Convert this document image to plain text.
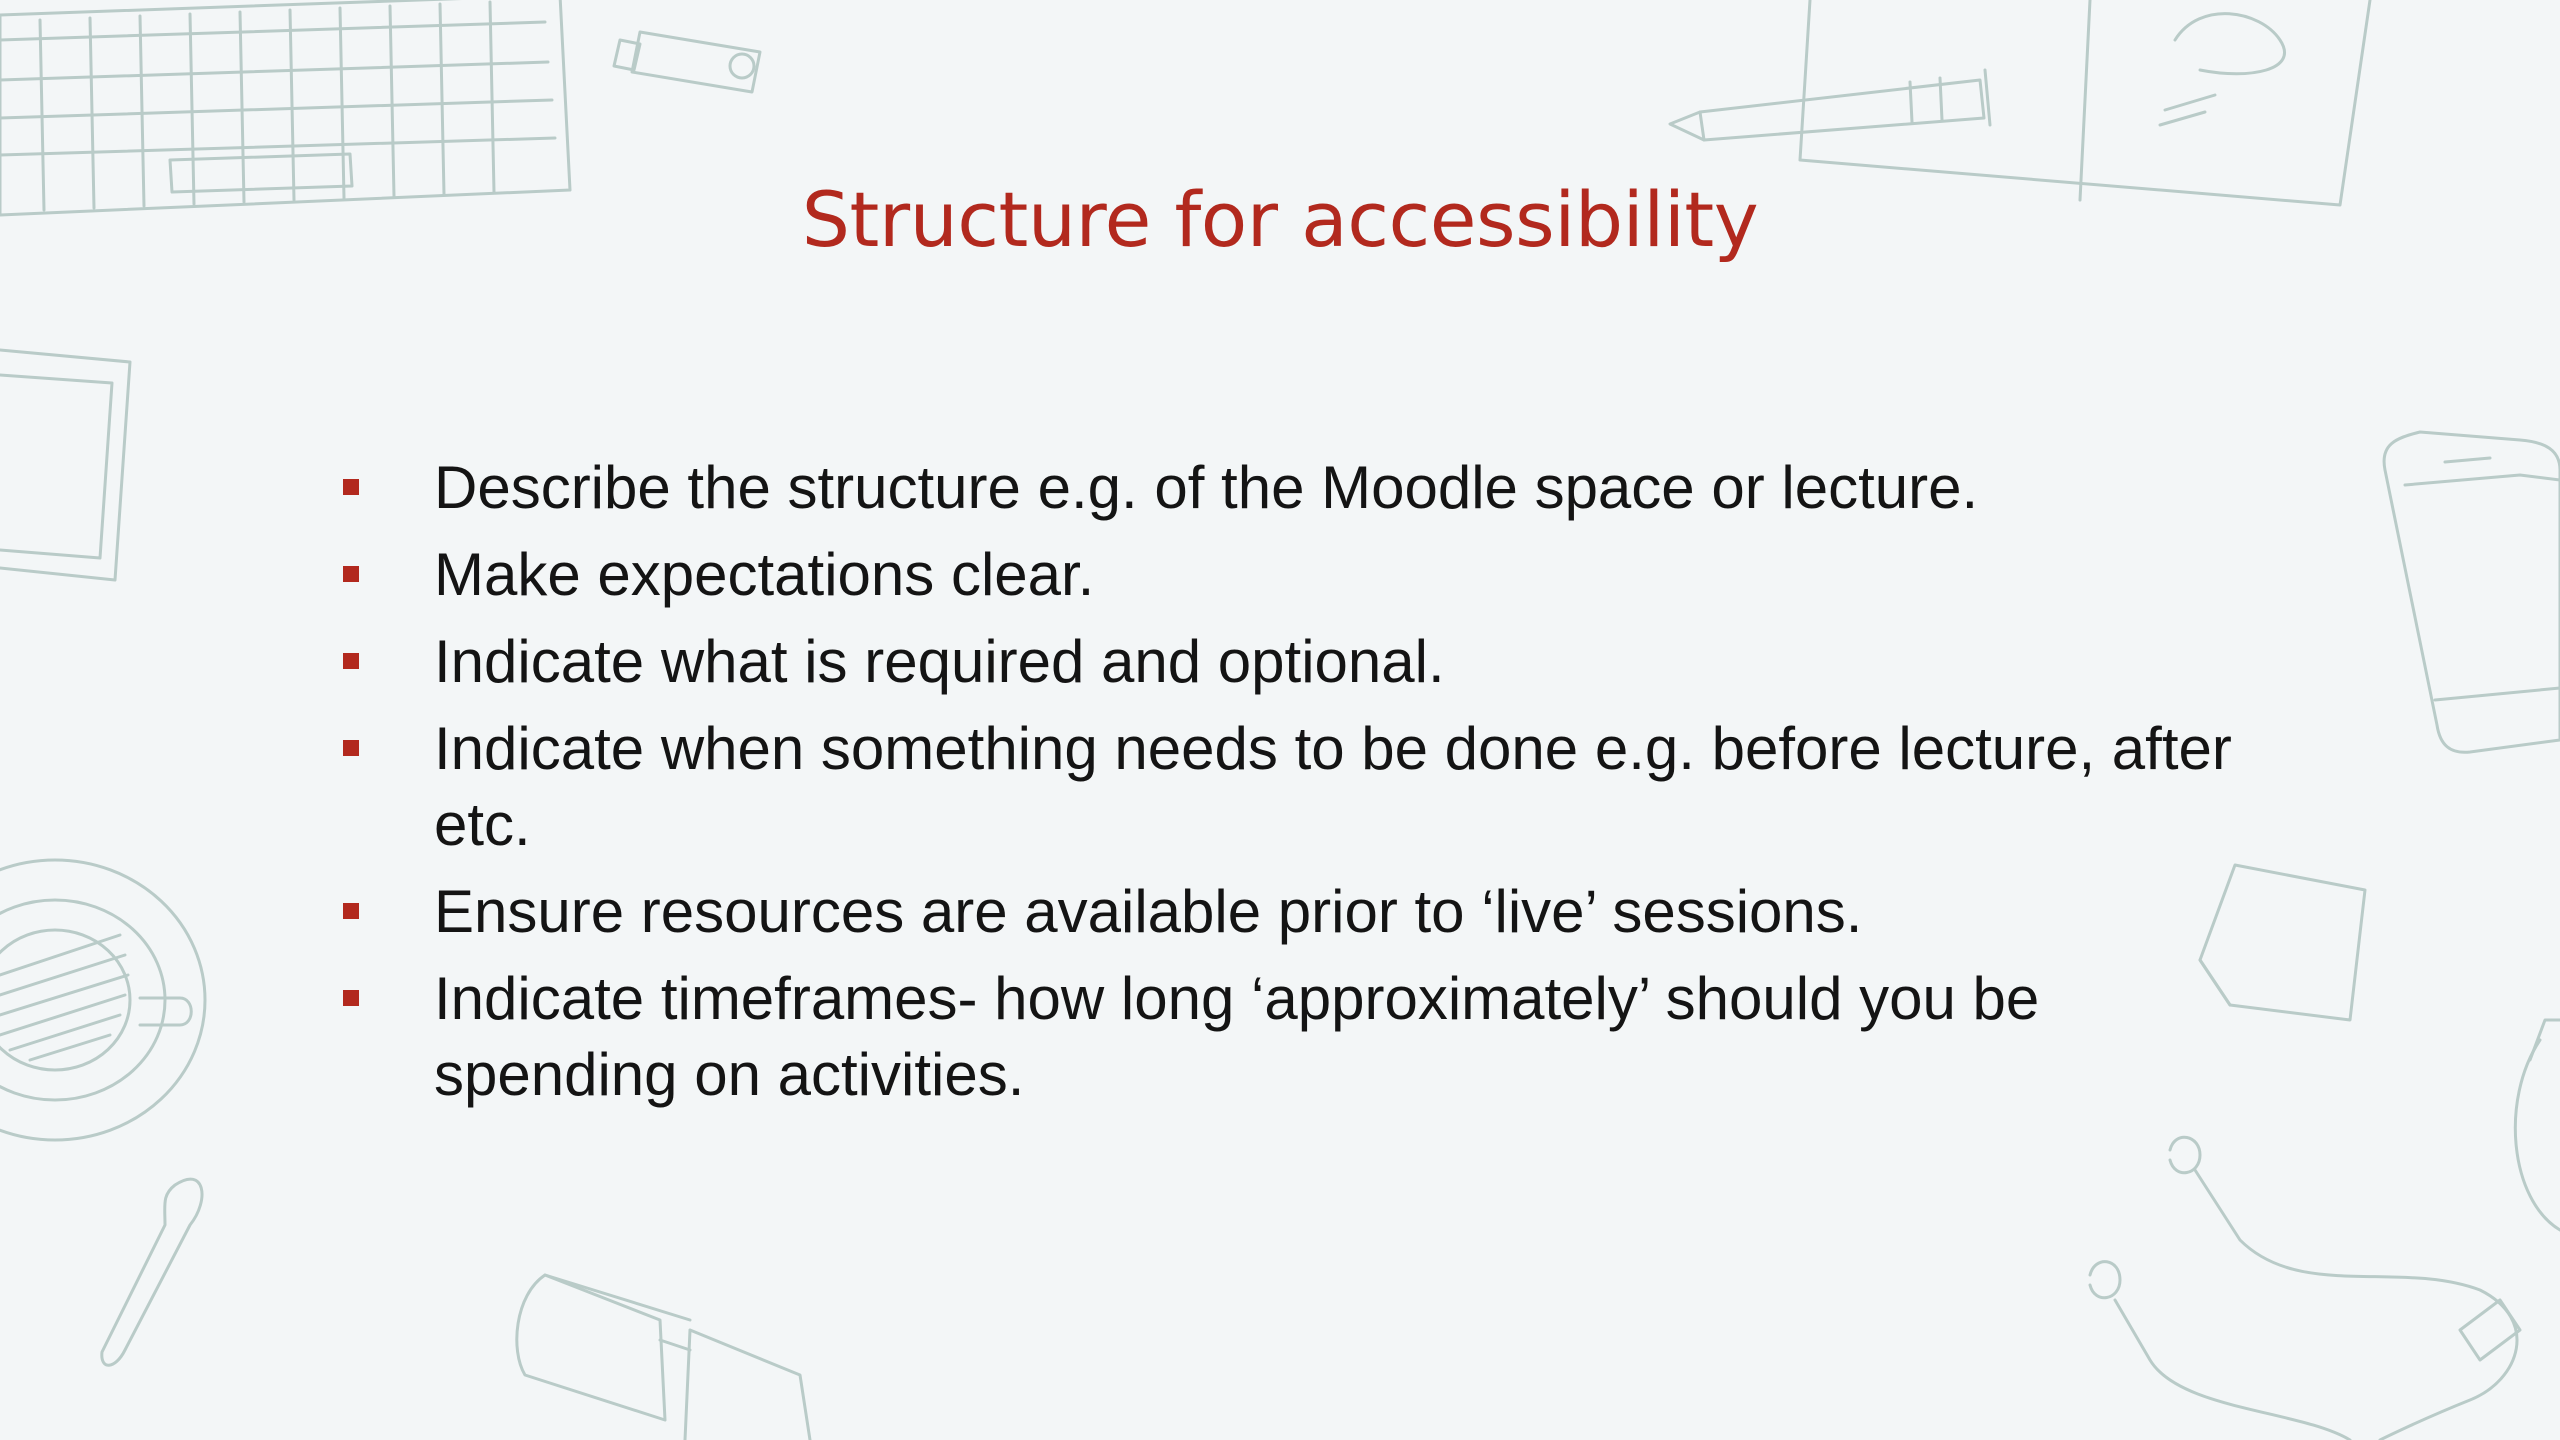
Structure for accessibility
Describe the structure e.g. of the Moodle space or lecture.
Make expectations clear.
Indicate what is required and optional.
Indicate when something needs to be done e.g. before lecture, after etc.
Ensure resources are available prior to ‘live’ sessions.
Indicate timeframes- how long ‘approximately’ should you be spending on activities.
